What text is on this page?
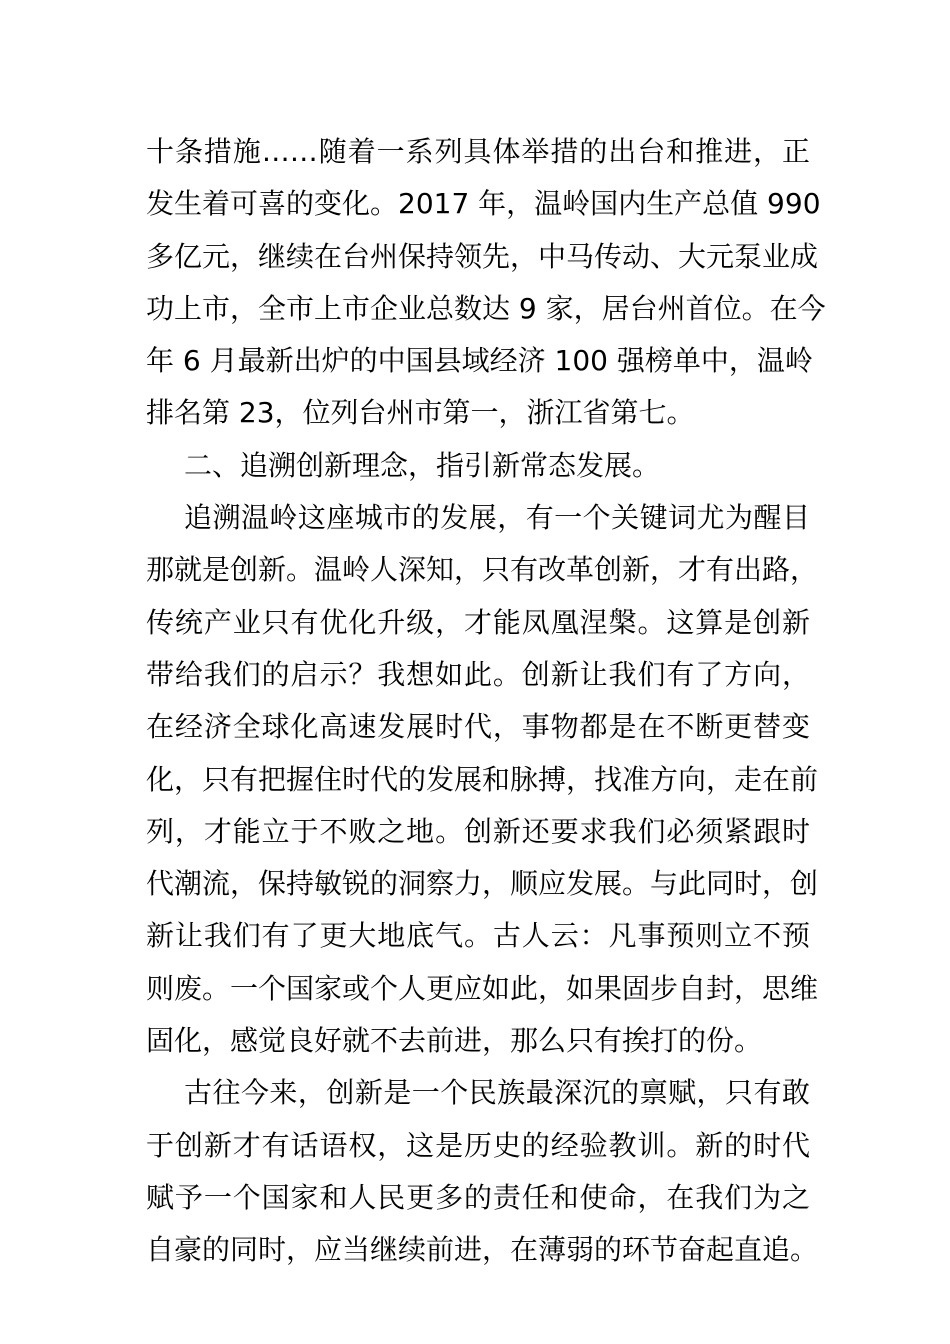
十条措施……随着一系列具体举措的出台和推进，正
发生着可喜的变化。2017 年，温岭国内生产总值 990
多亿元，继续在台州保持领先，中马传动、大元泵业成
功上市，全市上市企业总数达 9 家，居台州首位。在今
年 6 月最新出炉的中国县域经济 100 强榜单中，温岭
排名第 23，位列台州市第一，浙江省第七。
二、追溯创新理念，指引新常态发展。
追溯温岭这座城市的发展，有一个关键词尤为醒目
那就是创新。温岭人深知，只有改革创新，才有出路，
传统产业只有优化升级，才能凤凰涅槃。这算是创新
带给我们的启示？我想如此。创新让我们有了方向，
在经济全球化高速发展时代，事物都是在不断更替变
化，只有把握住时代的发展和脉搏，找准方向，走在前
列，才能立于不败之地。创新还要求我们必须紧跟时
代潮流，保持敏锐的洞察力，顺应发展。与此同时，创
新让我们有了更大地底气。古人云：凡事预则立不预
则废。一个国家或个人更应如此，如果固步自封，思维
固化，感觉良好就不去前进，那么只有挨打的份。
古往今来，创新是一个民族最深沉的禀赋，只有敢
于创新才有话语权，这是历史的经验教训。新的时代
赋予一个国家和人民更多的责任和使命，在我们为之
自豪的同时，应当继续前进，在薄弱的环节奋起直追。
